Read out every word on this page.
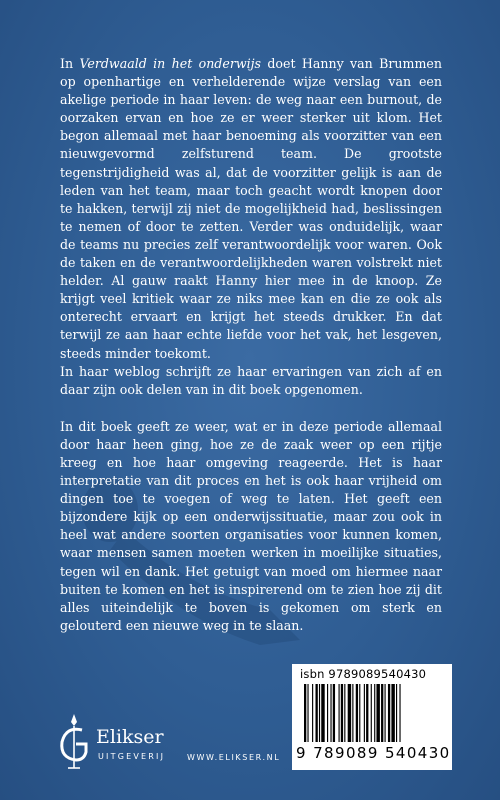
In Verdwaald in het onderwijs doet Hanny van Brummen op openhartige en verhelderende wijze verslag van een akelige periode in haar leven: de weg naar een burnout, de oorzaken ervan en hoe ze er weer sterker uit klom. Het begon allemaal met haar benoeming als voorzitter van een nieuwgevormd zelfsturend team. De grootste tegenstrijdigheid was al, dat de voorzitter gelijk is aan de leden van het team, maar toch geacht wordt knopen door te hakken, terwijl zij niet de mogelijkheid had, beslissingen te nemen of door te zetten. Verder was onduidelijk, waar de teams nu precies zelf verantwoordelijk voor waren. Ook de taken en de verantwoordelijkheden waren volstrekt niet helder. Al gauw raakt Hanny hier mee in de knoop. Ze krijgt veel kritiek waar ze niks mee kan en die ze ook als onterecht ervaart en krijgt het steeds drukker. En dat terwijl ze aan haar echte liefde voor het vak, het lesgeven, steeds minder toekomt.

In haar weblog schrijft ze haar ervaringen van zich af en daar zijn ook delen van in dit boek opgenomen.

In dit boek geeft ze weer, wat er in deze periode allemaal door haar heen ging, hoe ze de zaak weer op een rijtje kreeg en hoe haar omgeving reageerde. Het is haar interpretatie van dit proces en het is ook haar vrijheid om dingen toe te voegen of weg te laten. Het geeft een bijzondere kijk op een onderwijssituatie, maar zou ook in heel wat andere soorten organisaties voor kunnen komen, waar mensen samen moeten werken in moeilijke situaties, tegen wil en dank. Het getuigt van moed om hiermee naar buiten te komen en het is inspirerend om te zien hoe zij dit alles uiteindelijk te boven is gekomen om sterk en gelouterd een nieuwe weg in te slaan.

Elikser
UITGEVERIJ	WWW.ELIKSER.NL
isbn 9789089540430
9 789089 540430
